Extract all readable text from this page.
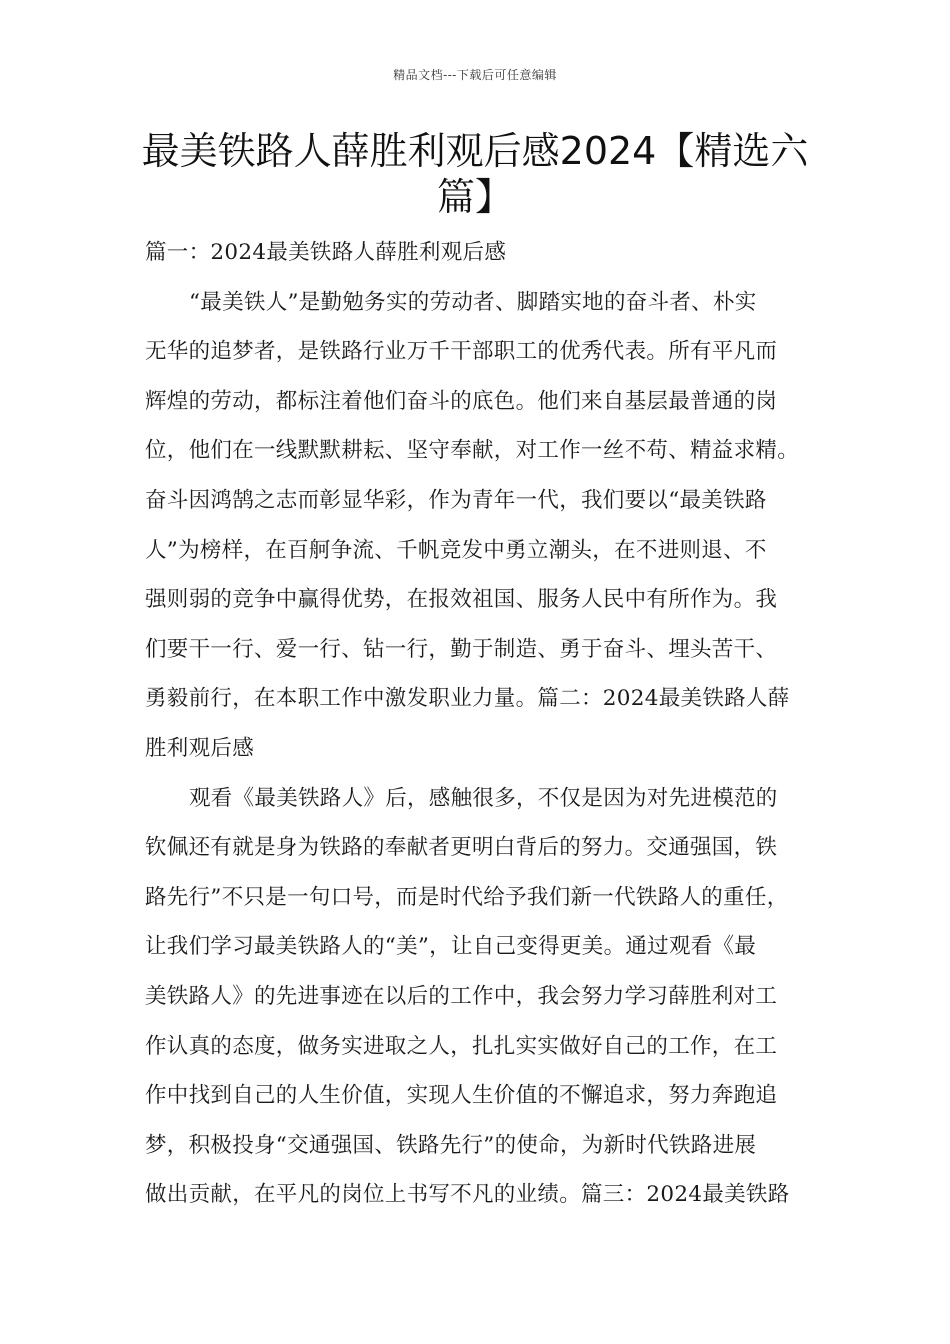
精品文档---下载后可任意编辑
最美铁路人薛胜利观后感2024【精选六
篇】
篇一：2024最美铁路人薛胜利观后感
“最美铁人”是勤勉务实的劳动者、脚踏实地的奋斗者、朴实
无华的追梦者，是铁路行业万千干部职工的优秀代表。所有平凡而
辉煌的劳动，都标注着他们奋斗的底色。他们来自基层最普通的岗
位，他们在一线默默耕耘、坚守奉献，对工作一丝不苟、精益求精。
奋斗因鸿鹄之志而彰显华彩，作为青年一代，我们要以“最美铁路
人”为榜样，在百舸争流、千帆竞发中勇立潮头，在不进则退、不
强则弱的竞争中赢得优势，在报效祖国、服务人民中有所作为。我
们要干一行、爱一行、钻一行，勤于制造、勇于奋斗、埋头苦干、
勇毅前行，在本职工作中激发职业力量。篇二：2024最美铁路人薛
胜利观后感
观看《最美铁路人》后，感触很多，不仅是因为对先进模范的
钦佩还有就是身为铁路的奉献者更明白背后的努力。交通强国，铁
路先行”不只是一句口号，而是时代给予我们新一代铁路人的重任，
让我们学习最美铁路人的“美”，让自己变得更美。通过观看《最
美铁路人》的先进事迹在以后的工作中，我会努力学习薛胜利对工
作认真的态度，做务实进取之人，扎扎实实做好自己的工作，在工
作中找到自己的人生价值，实现人生价值的不懈追求，努力奔跑追
梦，积极投身“交通强国、铁路先行”的使命，为新时代铁路进展
做出贡献，在平凡的岗位上书写不凡的业绩。篇三：2024最美铁路
